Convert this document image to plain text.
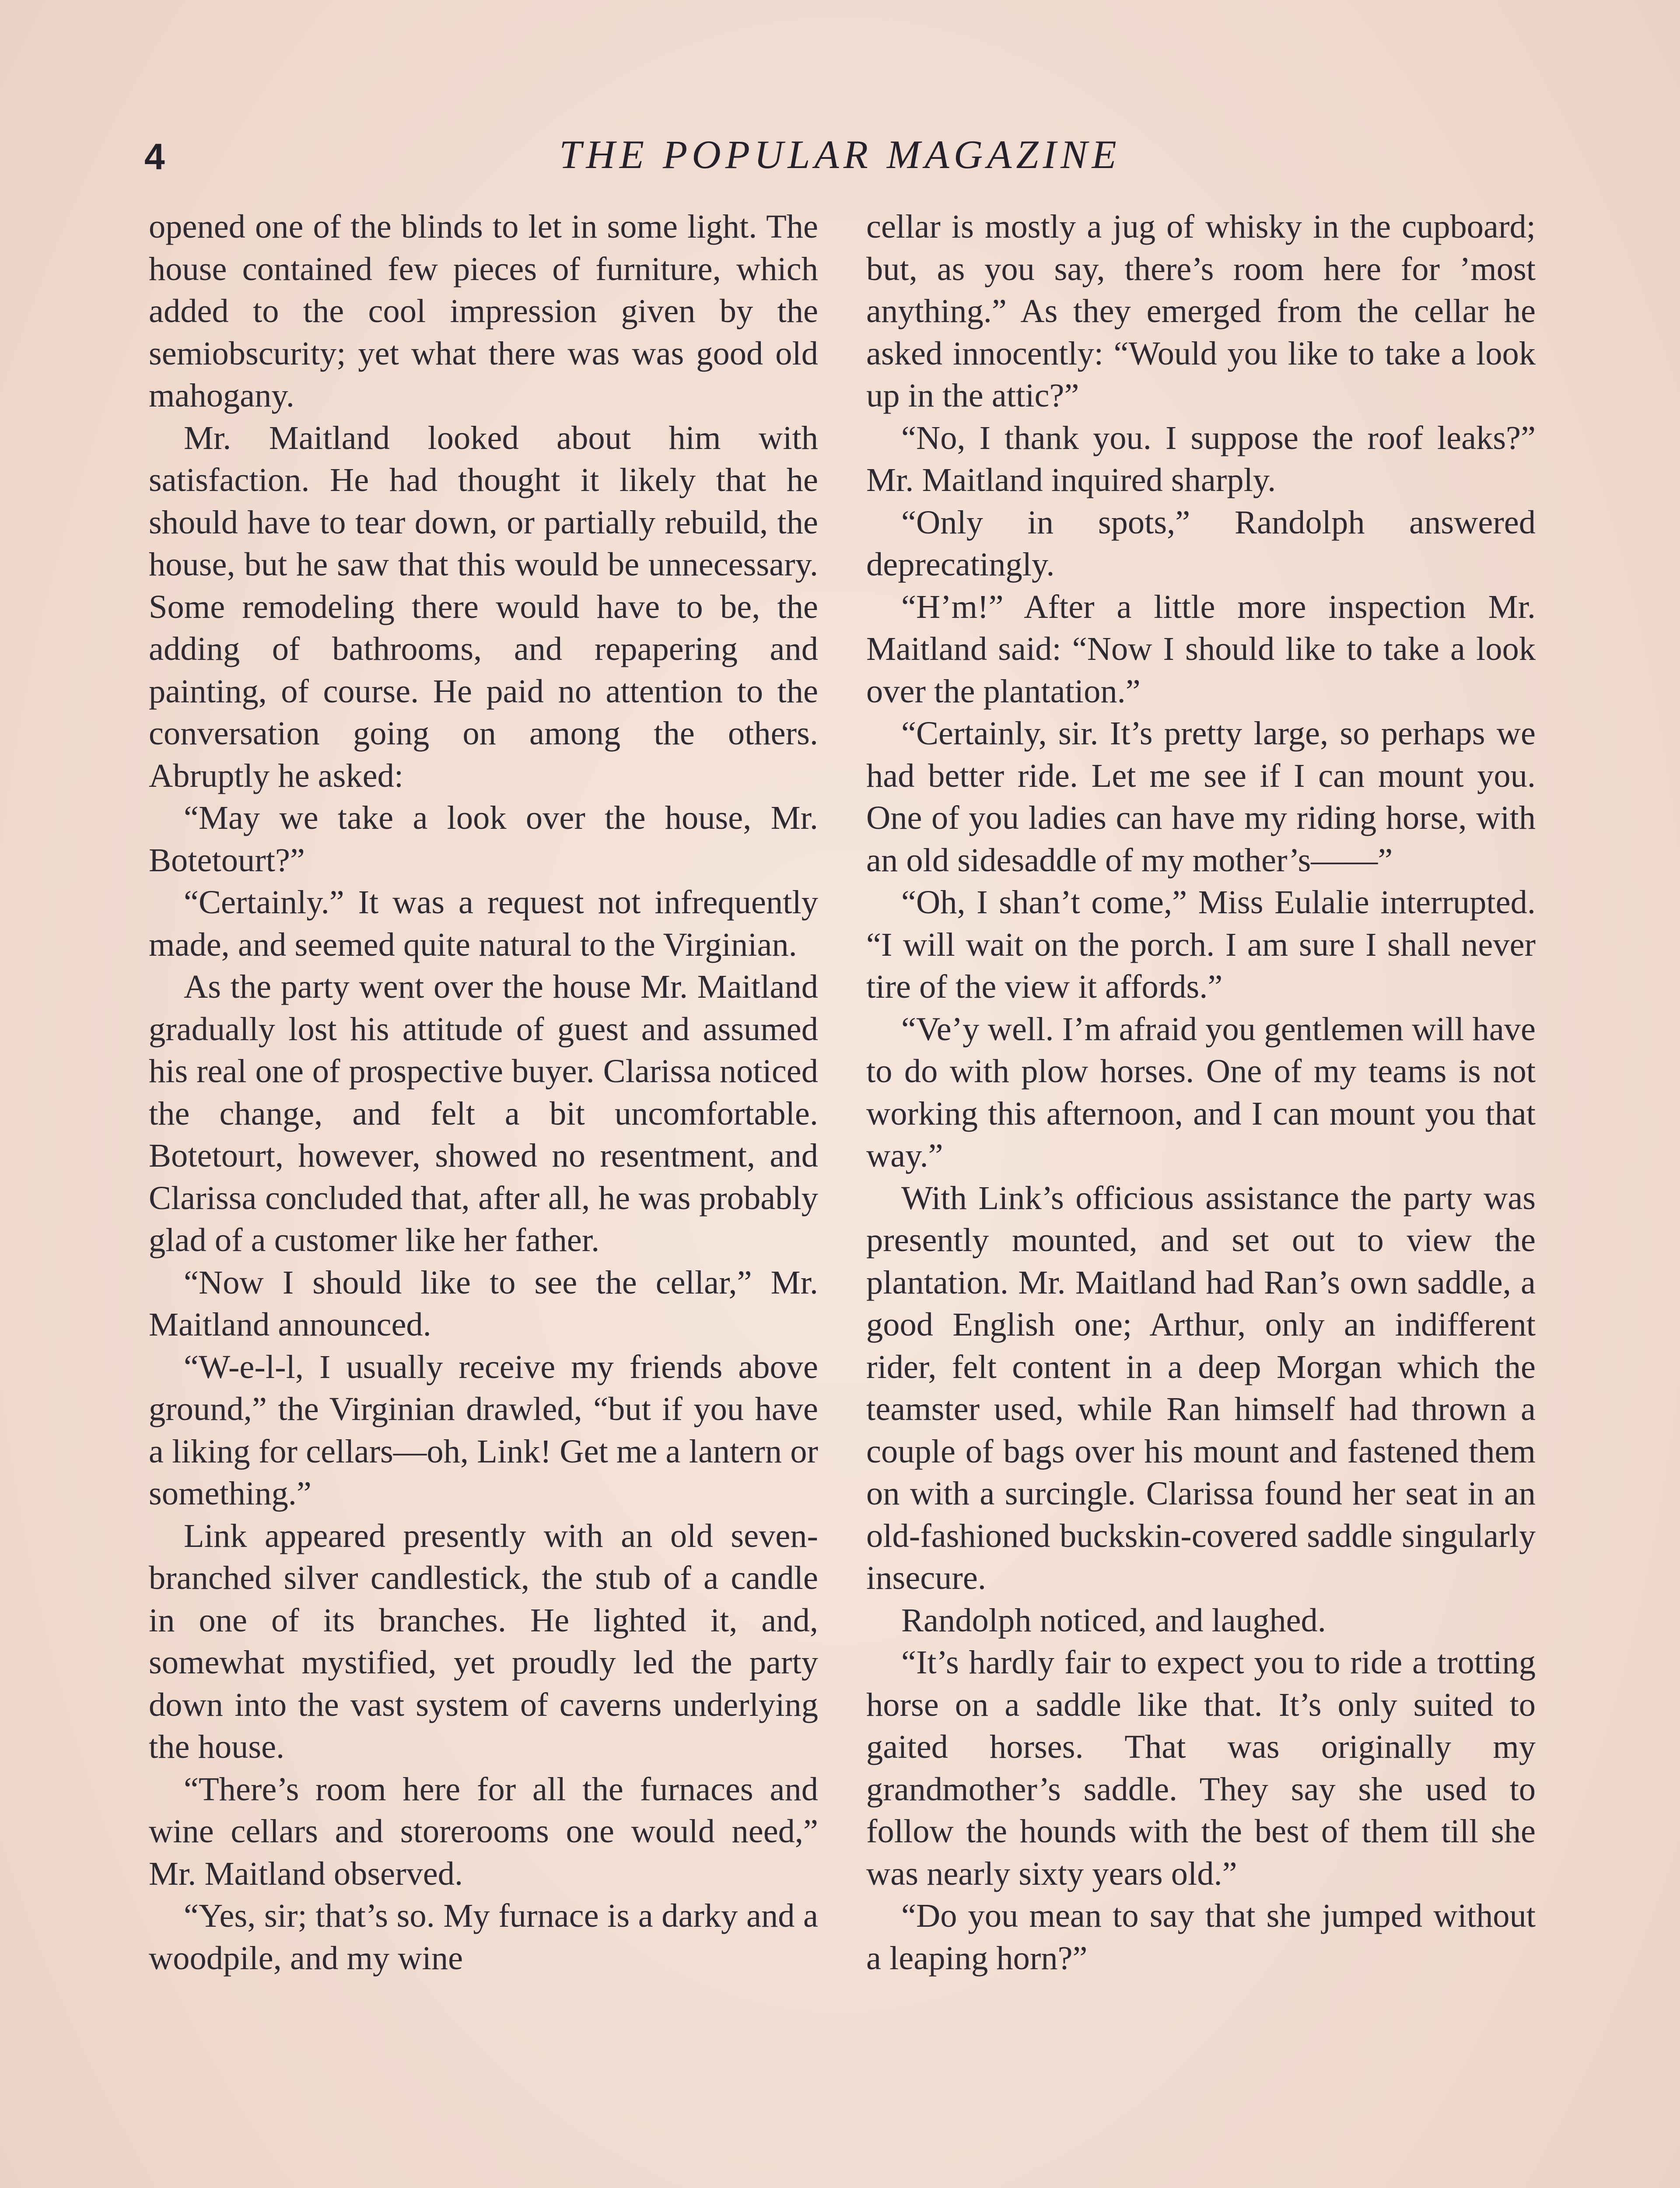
4	THE POPULAR MAGAZINE

opened one of the blinds to let in some light. The house contained few pieces of furniture, which added to the cool impression given by the semiobscurity; yet what there was was good old mahogany.

Mr. Maitland looked about him with satisfaction. He had thought it likely that he should have to tear down, or partially rebuild, the house, but he saw that this would be unnecessary. Some remodeling there would have to be, the adding of bathrooms, and repapering and painting, of course. He paid no attention to the conversation going on among the others. Abruptly he asked:

“May we take a look over the house, Mr. Botetourt?”

“Certainly.” It was a request not infrequently made, and seemed quite natural to the Virginian.

As the party went over the house Mr. Maitland gradually lost his attitude of guest and assumed his real one of prospective buyer. Clarissa noticed the change, and felt a bit uncomfortable. Botetourt, however, showed no resentment, and Clarissa concluded that, after all, he was probably glad of a customer like her father.

“Now I should like to see the cellar,” Mr. Maitland announced.

“W-e-l-l, I usually receive my friends above ground,” the Virginian drawled, “but if you have a liking for cellars—oh, Link! Get me a lantern or something.”

Link appeared presently with an old seven-branched silver candlestick, the stub of a candle in one of its branches. He lighted it, and, somewhat mystified, yet proudly led the party down into the vast system of caverns underlying the house.

“There’s room here for all the furnaces and wine cellars and storerooms one would need,” Mr. Maitland observed.

“Yes, sir; that’s so. My furnace is a darky and a woodpile, and my wine

cellar is mostly a jug of whisky in the cupboard; but, as you say, there’s room here for ’most anything.” As they emerged from the cellar he asked innocently: “Would you like to take a look up in the attic?”

“No, I thank you. I suppose the roof leaks?” Mr. Maitland inquired sharply.

“Only in spots,” Randolph answered deprecatingly.

“H’m!” After a little more inspection Mr. Maitland said: “Now I should like to take a look over the plantation.”

“Certainly, sir. It’s pretty large, so perhaps we had better ride. Let me see if I can mount you. One of you ladies can have my riding horse, with an old sidesaddle of my mother’s——”

“Oh, I shan’t come,” Miss Eulalie interrupted. “I will wait on the porch. I am sure I shall never tire of the view it affords.”

“Ve’y well. I’m afraid you gentlemen will have to do with plow horses. One of my teams is not working this afternoon, and I can mount you that way.”

With Link’s officious assistance the party was presently mounted, and set out to view the plantation. Mr. Maitland had Ran’s own saddle, a good English one; Arthur, only an indifferent rider, felt content in a deep Morgan which the teamster used, while Ran himself had thrown a couple of bags over his mount and fastened them on with a surcingle. Clarissa found her seat in an old-fashioned buckskin-covered saddle singularly insecure.

Randolph noticed, and laughed.

“It’s hardly fair to expect you to ride a trotting horse on a saddle like that. It’s only suited to gaited horses. That was originally my grandmother’s saddle. They say she used to follow the hounds with the best of them till she was nearly sixty years old.”

“Do you mean to say that she jumped without a leaping horn?”
